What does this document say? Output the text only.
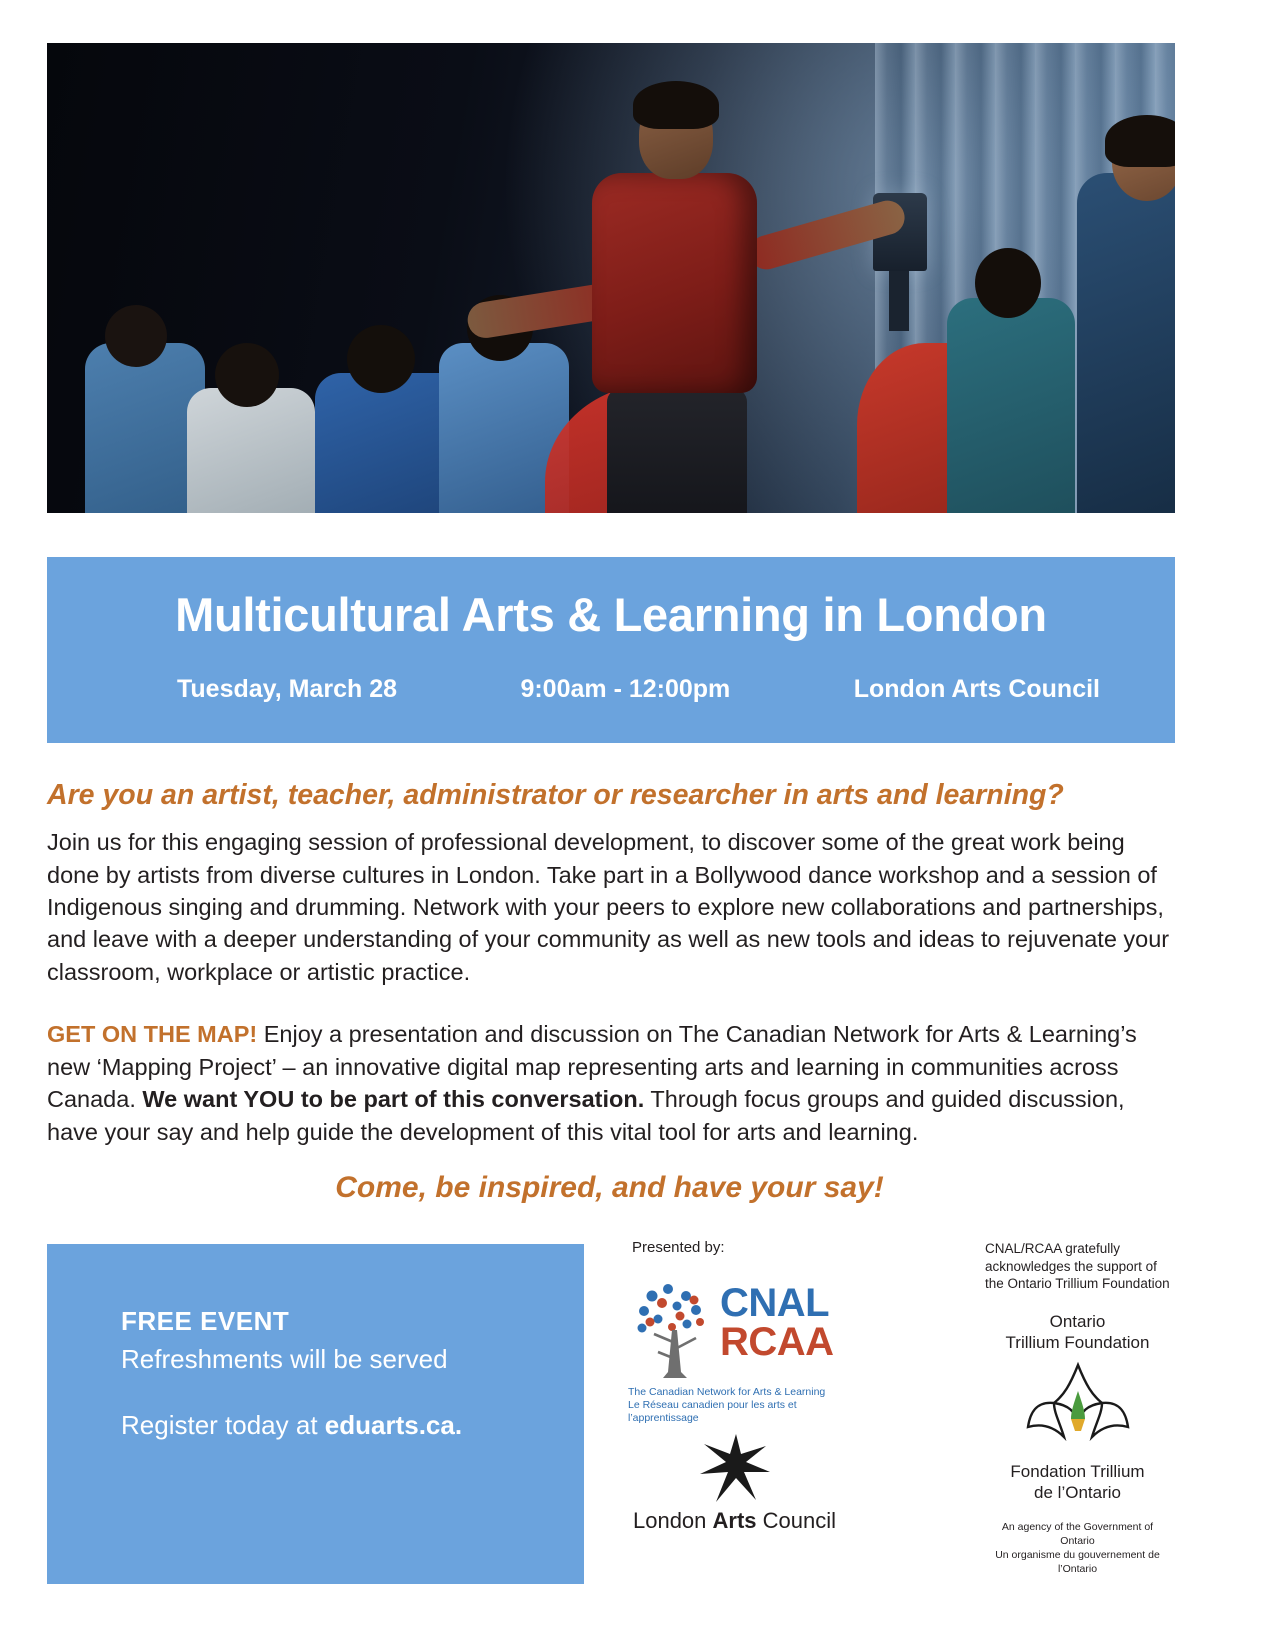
Multicultural Arts & Learning in London
Tuesday, March 28	9:00am - 12:00pm	London Arts Council

Are you an artist, teacher, administrator or researcher in arts and learning?

Join us for this engaging session of professional development, to discover some of the great work being done by artists from diverse cultures in London. Take part in a Bollywood dance workshop and a session of Indigenous singing and drumming. Network with your peers to explore new collaborations and partnerships, and leave with a deeper understanding of your community as well as new tools and ideas to rejuvenate your classroom, workplace or artistic practice.

GET ON THE MAP! Enjoy a presentation and discussion on The Canadian Network for Arts & Learning’s new ‘Mapping Project’ – an innovative digital map representing arts and learning in communities across Canada. We want YOU to be part of this conversation. Through focus groups and guided discussion, have your say and help guide the development of this vital tool for arts and learning.

Come, be inspired, and have your say!
FREE EVENT
Refreshments will be served
Register today at eduarts.ca.
Presented by:
CNAL
RCAA
The Canadian Network for Arts & Learning
Le Réseau canadien pour les arts et l’apprentissage
London Arts Council
CNAL/RCAA gratefully acknowledges the support of the Ontario Trillium Foundation
Ontario
Trillium Foundation
Fondation Trillium
de l’Ontario
An agency of the Government of Ontario
Un organisme du gouvernement de l’Ontario
